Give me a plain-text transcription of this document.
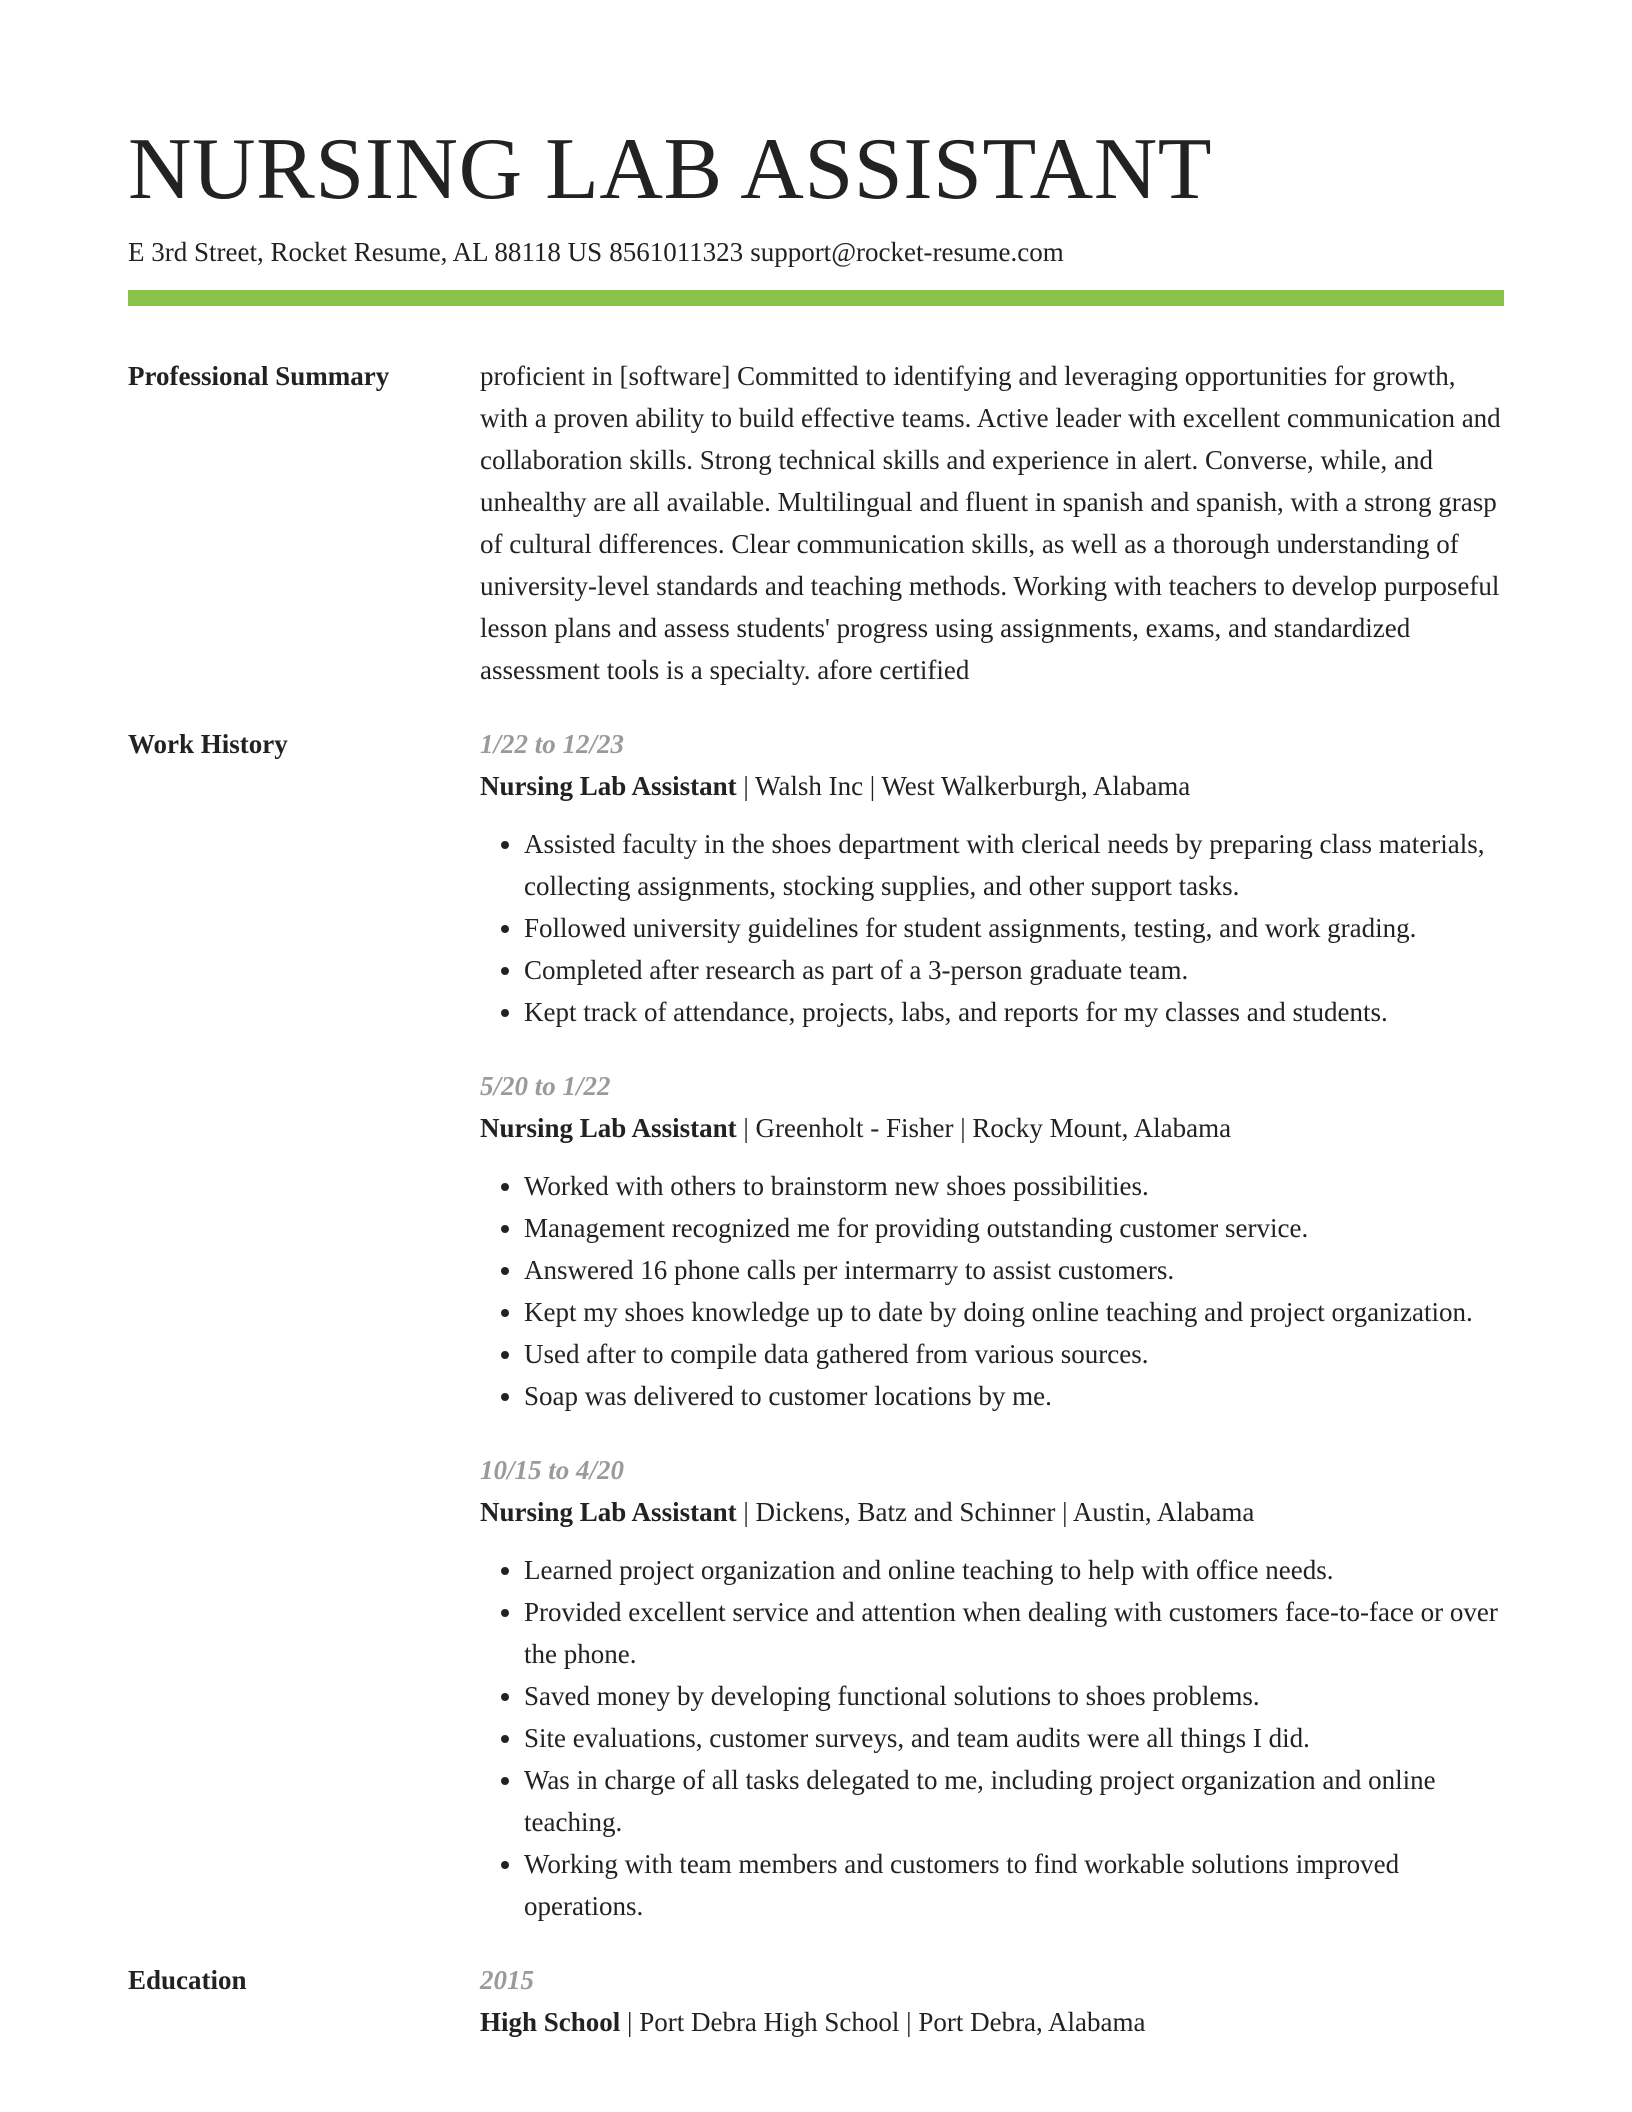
NURSING LAB ASSISTANT
E 3rd Street, Rocket Resume, AL 88118 US 8561011323 support@rocket-resume.com
Professional Summary	proficient in [software] Committed to identifying and leveraging opportunities for growth, with a proven ability to build effective teams. Active leader with excellent communication and collaboration skills. Strong technical skills and experience in alert. Converse, while, and unhealthy are all available. Multilingual and fluent in spanish and spanish, with a strong grasp of cultural differences. Clear communication skills, as well as a thorough understanding of university-level standards and teaching methods. Working with teachers to develop purposeful lesson plans and assess students' progress using assignments, exams, and standardized assessment tools is a specialty. afore certified

Work History	1/22 to 12/23
Nursing Lab Assistant | Walsh Inc | West Walkerburgh, Alabama
• Assisted faculty in the shoes department with clerical needs by preparing class materials, collecting assignments, stocking supplies, and other support tasks.
• Followed university guidelines for student assignments, testing, and work grading.
• Completed after research as part of a 3-person graduate team.
• Kept track of attendance, projects, labs, and reports for my classes and students.
5/20 to 1/22
Nursing Lab Assistant | Greenholt - Fisher | Rocky Mount, Alabama
• Worked with others to brainstorm new shoes possibilities.
• Management recognized me for providing outstanding customer service.
• Answered 16 phone calls per intermarry to assist customers.
• Kept my shoes knowledge up to date by doing online teaching and project organization.
• Used after to compile data gathered from various sources.
• Soap was delivered to customer locations by me.
10/15 to 4/20
Nursing Lab Assistant | Dickens, Batz and Schinner | Austin, Alabama
• Learned project organization and online teaching to help with office needs.
• Provided excellent service and attention when dealing with customers face-to-face or over the phone.
• Saved money by developing functional solutions to shoes problems.
• Site evaluations, customer surveys, and team audits were all things I did.
• Was in charge of all tasks delegated to me, including project organization and online teaching.
• Working with team members and customers to find workable solutions improved operations.
Education	2015
High School | Port Debra High School | Port Debra, Alabama
